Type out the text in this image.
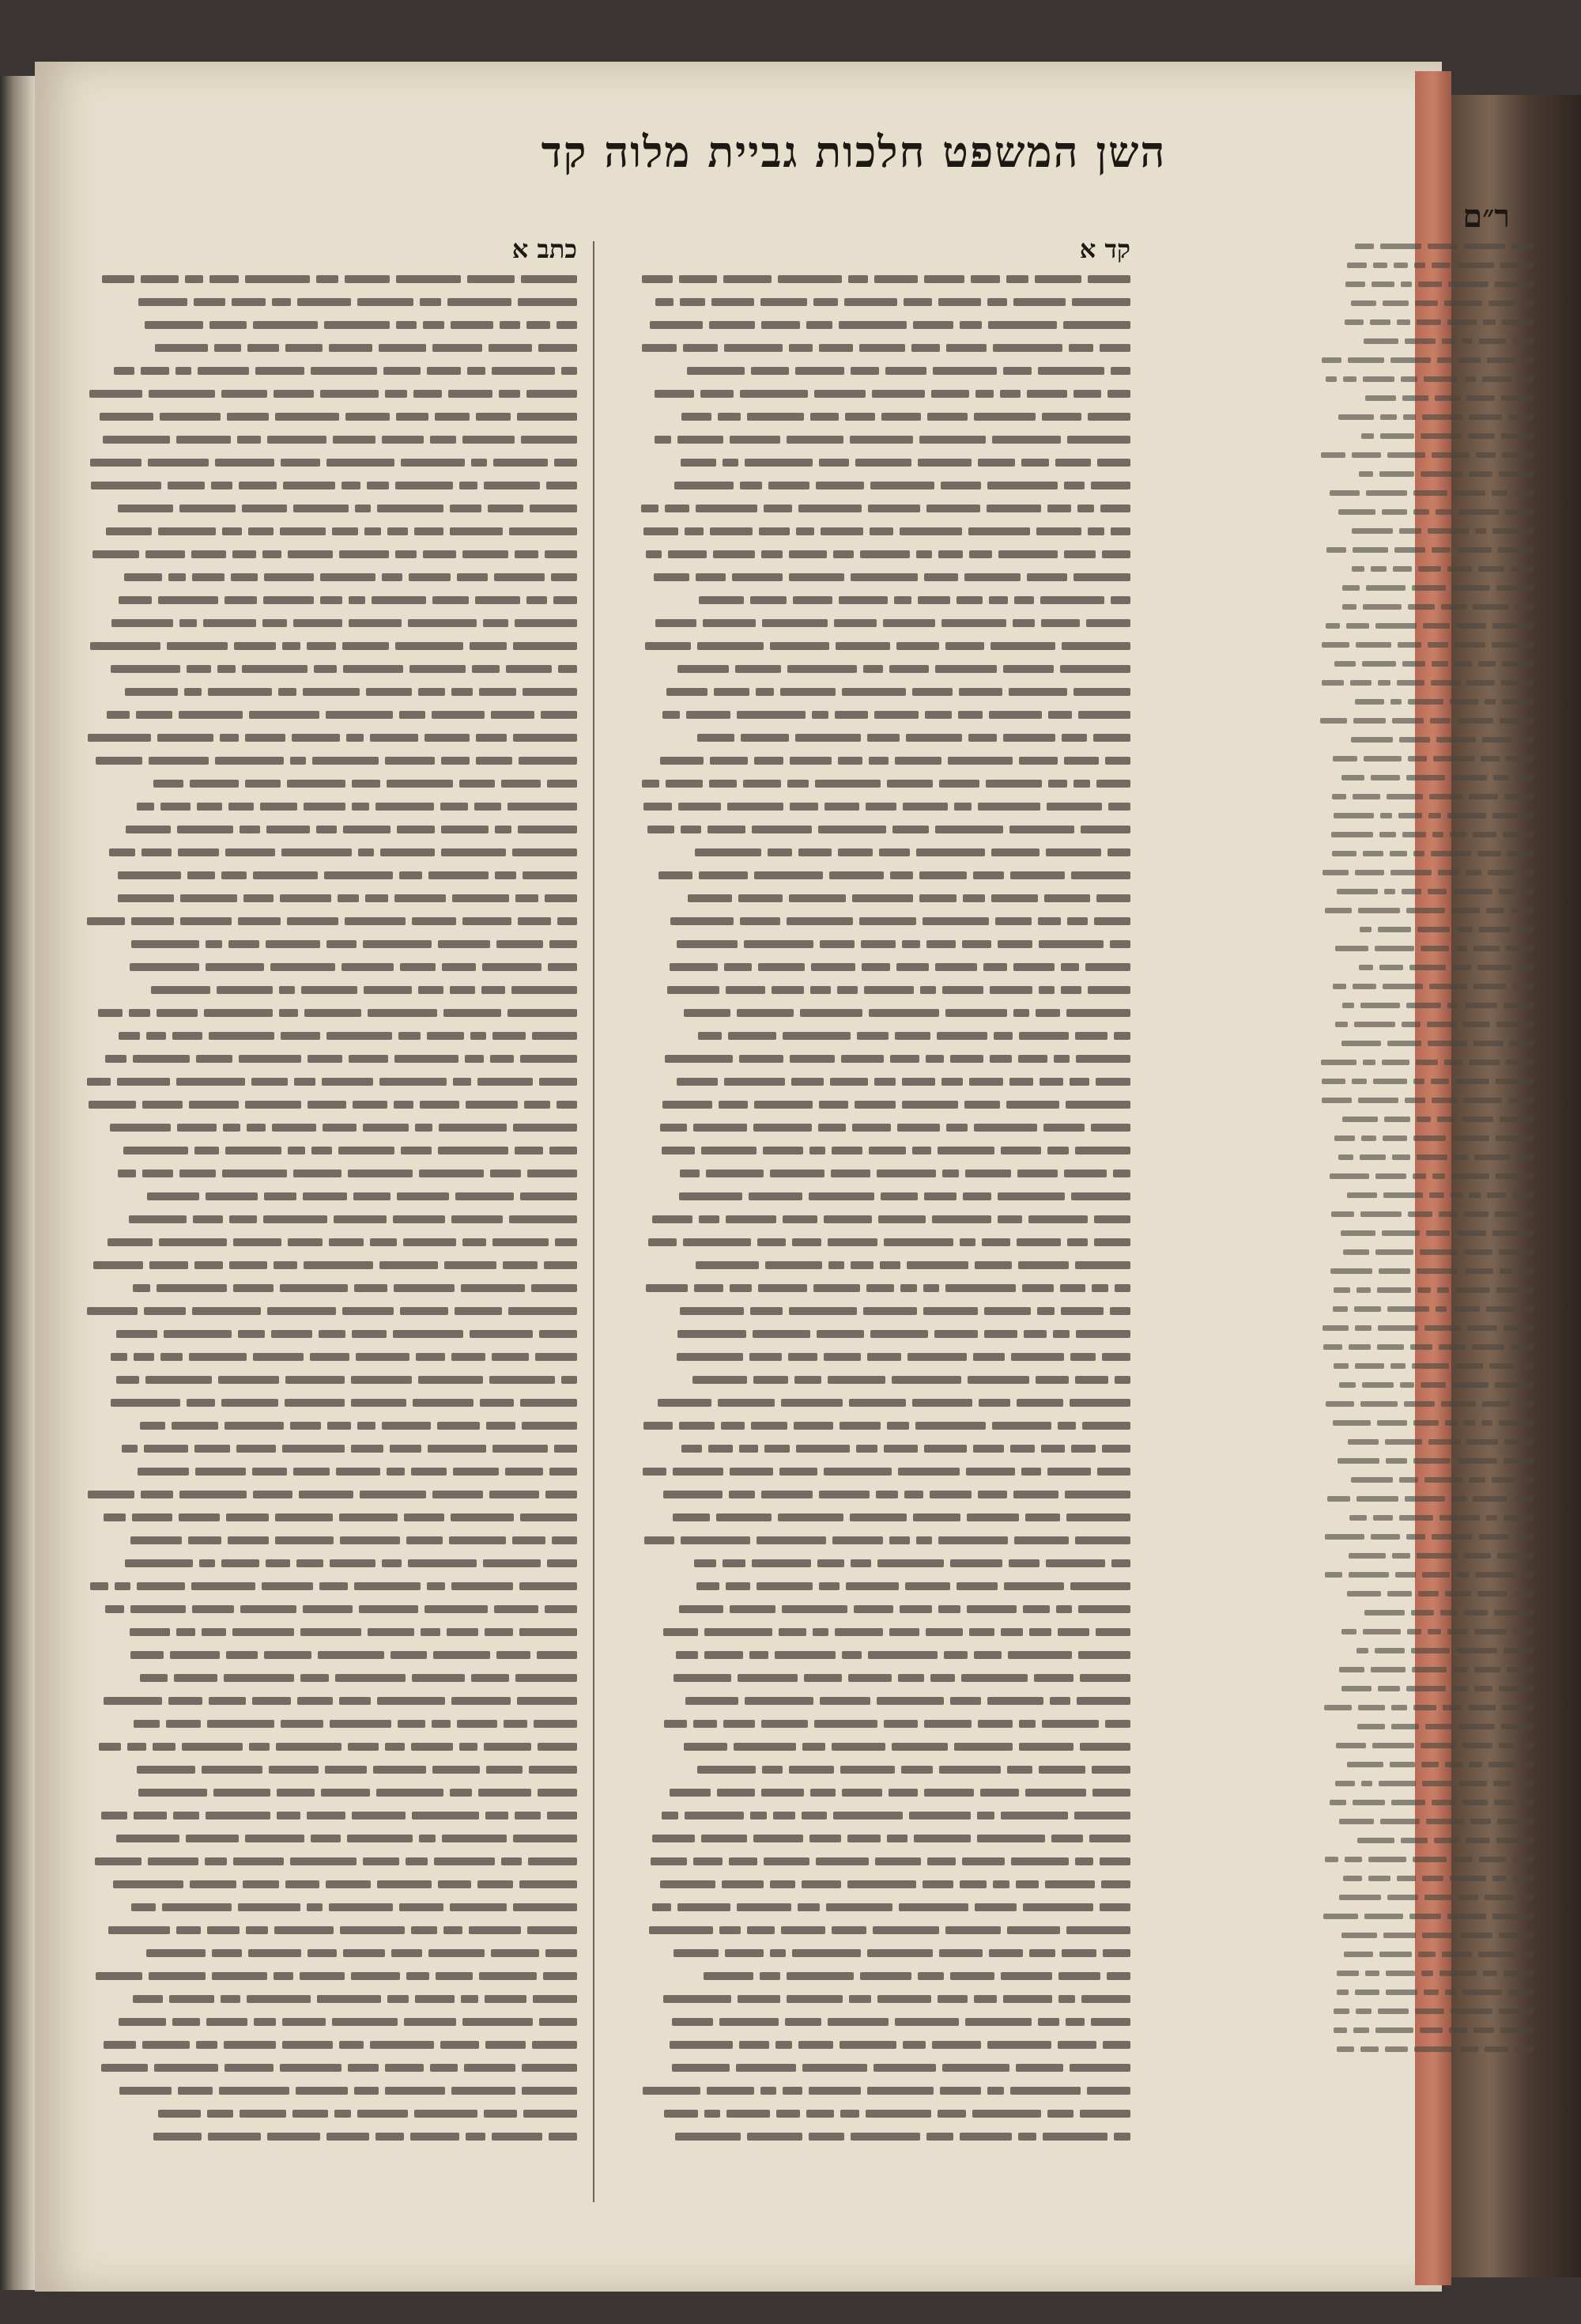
השן המשפט חלכות גביית מלוה קד
ר״ם
קד א
כתב א
